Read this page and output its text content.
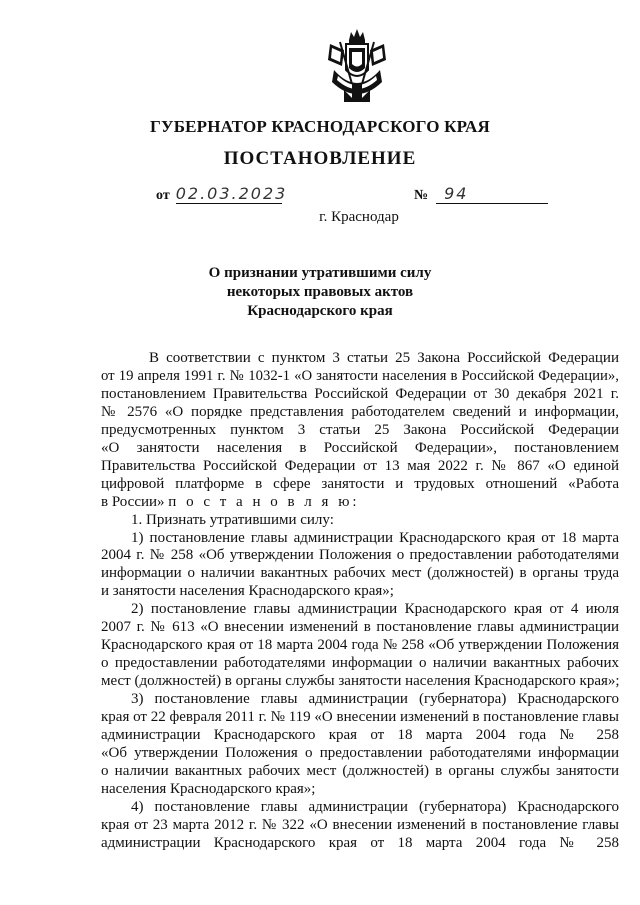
ГУБЕРНАТОР КРАСНОДАРСКОГО КРАЯ
ПОСТАНОВЛЕНИЕ
от 02.03.2023	№ 94
г. Краснодар
О признании утратившими силу
некоторых правовых актов
Краснодарского края
В соответствии с пунктом 3 статьи 25 Закона Российской Федерации
от 19 апреля 1991 г. № 1032-1 «О занятости населения в Российской Федерации»,
постановлением Правительства Российской Федерации от 30 декабря 2021 г.
№ 2576 «О порядке представления работодателем сведений и информации,
предусмотренных пунктом 3 статьи 25 Закона Российской Федерации
«О занятости населения в Российской Федерации», постановлением
Правительства Российской Федерации от 13 мая 2022 г. № 867 «О единой
цифровой платформе в сфере занятости и трудовых отношений «Работа
в России» п о с т а н о в л я ю:
1. Признать утратившими силу:
1) постановление главы администрации Краснодарского края от 18 марта
2004 г. № 258 «Об утверждении Положения о предоставлении работодателями
информации о наличии вакантных рабочих мест (должностей) в органы труда
и занятости населения Краснодарского края»;
2) постановление главы администрации Краснодарского края от 4 июля
2007 г. № 613 «О внесении изменений в постановление главы администрации
Краснодарского края от 18 марта 2004 года № 258 «Об утверждении Положения
о предоставлении работодателями информации о наличии вакантных рабочих
мест (должностей) в органы службы занятости населения Краснодарского края»;
3) постановление главы администрации (губернатора) Краснодарского
края от 22 февраля 2011 г. № 119 «О внесении изменений в постановление главы
администрации Краснодарского края от 18 марта 2004 года № 258
«Об утверждении Положения о предоставлении работодателями информации
о наличии вакантных рабочих мест (должностей) в органы службы занятости
населения Краснодарского края»;
4) постановление главы администрации (губернатора) Краснодарского
края от 23 марта 2012 г. № 322 «О внесении изменений в постановление главы
администрации Краснодарского края от 18 марта 2004 года № 258
